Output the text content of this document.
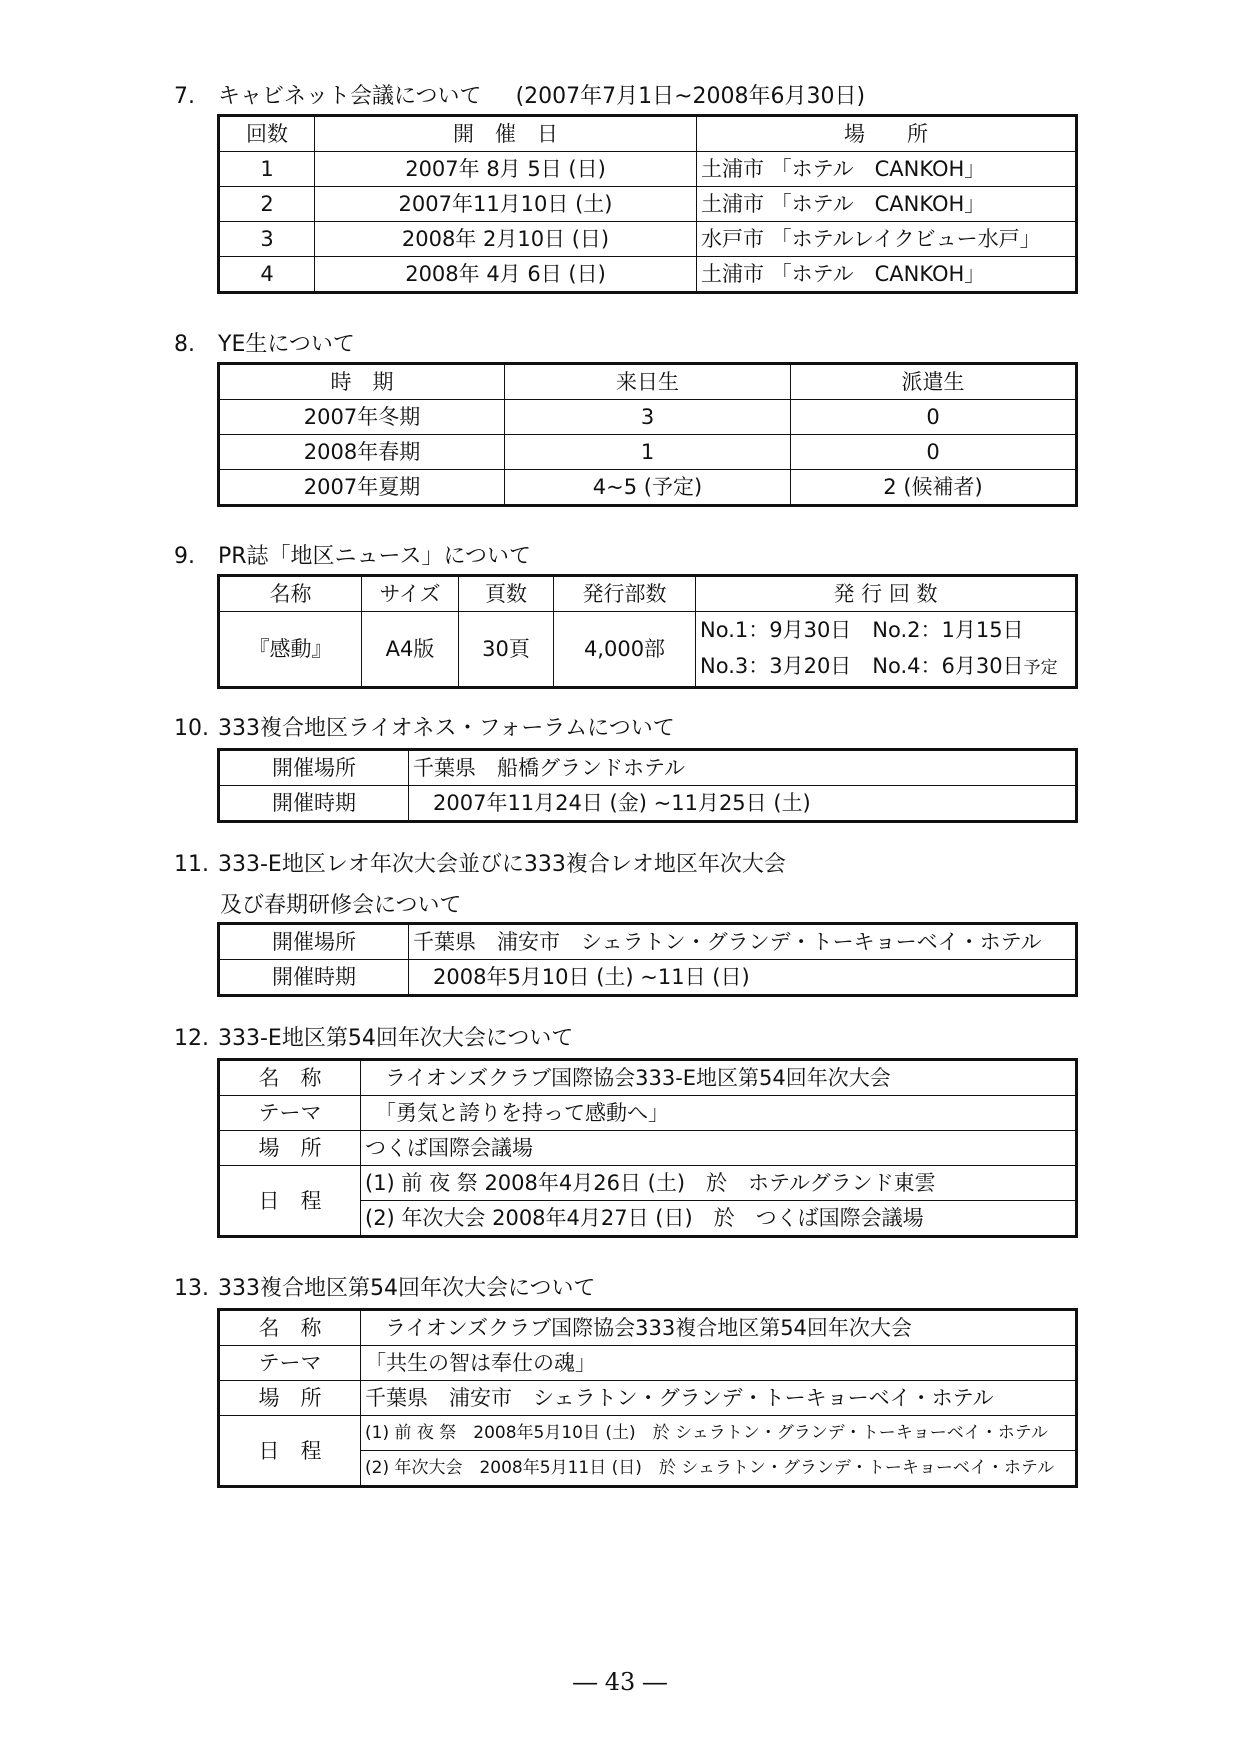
7. キャビネット会議について (2007年7月1日~2008年6月30日)
回数	開　催　日	場　　所
1	2007年 8月 5日 (日)	土浦市 「ホテル　CANKOH」
2	2007年11月10日 (土)	土浦市 「ホテル　CANKOH」
3	2008年 2月10日 (日)	水戸市 「ホテルレイクビュー水戸」
4	2008年 4月 6日 (日)	土浦市 「ホテル　CANKOH」
8. YE生について
時　期	来日生	派遣生
2007年冬期	3	0
2008年春期	1	0
2007年夏期	4~5 (予定)	2 (候補者)
9. PR誌「地区ニュース」について
名称	サイズ	頁数	発行部数	発 行 回 数
『感動』	A4版	30頁	4,000部	No.1：9月30日　No.2：1月15日
No.3：3月20日　No.4：6月30日予定
10. 333複合地区ライオネス・フォーラムについて
開催場所	千葉県　船橋グランドホテル
開催時期	2007年11月24日 (金) ~11月25日 (土)
11. 333-E地区レオ年次大会並びに333複合レオ地区年次大会
及び春期研修会について
開催場所	千葉県　浦安市　シェラトン・グランデ・トーキョーベイ・ホテル
開催時期	2008年5月10日 (土) ~11日 (日)
12. 333-E地区第54回年次大会について
名　称	ライオンズクラブ国際協会333-E地区第54回年次大会
テーマ	「勇気と誇りを持って感動へ」
場　所	つくば国際会議場
日　程	(1) 前 夜 祭 2008年4月26日 (土)　於　ホテルグランド東雲
	(2) 年次大会 2008年4月27日 (日)　於　つくば国際会議場
13. 333複合地区第54回年次大会について
名　称	ライオンズクラブ国際協会333複合地区第54回年次大会
テーマ	「共生の智は奉仕の魂」
場　所	千葉県　浦安市　シェラトン・グランデ・トーキョーベイ・ホテル
日　程	(1) 前 夜 祭　2008年5月10日 (土)　於 シェラトン・グランデ・トーキョーベイ・ホテル
	(2) 年次大会　2008年5月11日 (日)　於 シェラトン・グランデ・トーキョーベイ・ホテル
― 43 ―
